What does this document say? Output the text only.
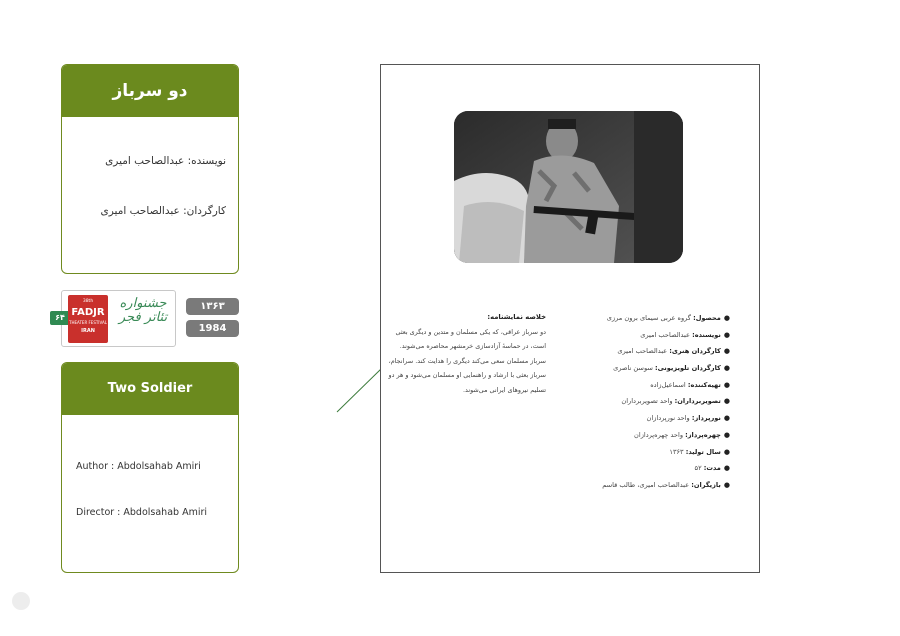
دو سرباز
نویسنده: عبدالصاحب امیری
کارگردان: عبدالصاحب امیری
۶۴
38th
FADJR
THEATER FESTIVAL
IRAN
جشنواره تئاتر فجر
۱۳۶۳
1984
Two Soldier
Author : Abdolsahab Amiri
Director : Abdolsahab Amiri
خلاصه نمایشنامه:
دو سرباز عراقی، که یکی مسلمان و متدین و دیگری بعثی است، در حماسهٔ آزادسازی خرمشهر محاصره می‌شوند. سرباز مسلمان سعی می‌کند دیگری را هدایت کند. سرانجام، سرباز بعثی با ارشاد و راهنمایی او مسلمان می‌شود و هر دو تسلیم نیروهای ایرانی می‌شوند.
●محصول: گروه عربی سیمای برون مرزی
●نویسنده: عبدالصاحب امیری
●کارگردان هنری: عبدالصاحب امیری
●کارگردان تلویزیونی: سوسن ناصری
●تهیه‌کننده: اسماعیل‌زاده
●تصویربرداران: واحد تصویربرداران
●نورپرداز: واحد نورپردازان
●چهره‌پرداز: واحد چهره‌پردازان
●سال تولید: ۱۳۶۳
●مدت: ۵۲
●بازیگران: عبدالصاحب امیری، طالب قاسم
